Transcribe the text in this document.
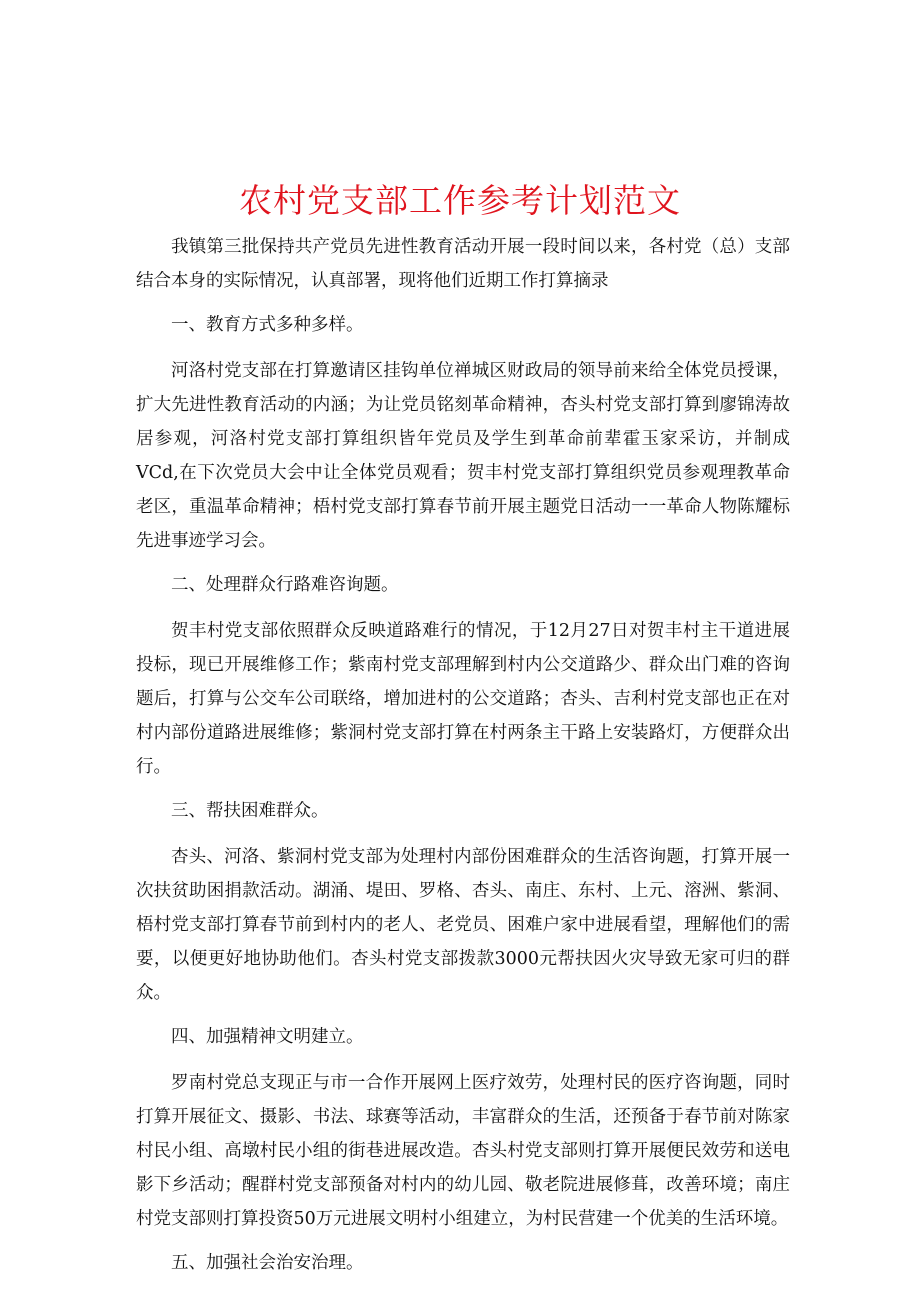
农村党支部工作参考计划范文

我镇第三批保持共产党员先进性教育活动开展一段时间以来，各村党（总）支部结合本身的实际情况，认真部署，现将他们近期工作打算摘录

一、教育方式多种多样。

河洛村党支部在打算邀请区挂钩单位禅城区财政局的领导前来给全体党员授课，扩大先进性教育活动的内涵；为让党员铭刻革命精神，杏头村党支部打算到廖锦涛故居参观，河洛村党支部打算组织皆年党员及学生到革命前辈霍玉家采访，并制成VCd,在下次党员大会中让全体党员观看；贺丰村党支部打算组织党员参观理教革命老区，重温革命精神；梧村党支部打算春节前开展主题党日活动一一革命人物陈耀标先进事迹学习会。

二、处理群众行路难咨询题。

贺丰村党支部依照群众反映道路难行的情况，于12月27日对贺丰村主干道进展投标，现已开展维修工作；紫南村党支部理解到村内公交道路少、群众出门难的咨询题后，打算与公交车公司联络，增加进村的公交道路；杏头、吉利村党支部也正在对村内部份道路进展维修；紫洞村党支部打算在村两条主干路上安装路灯，方便群众出行。

三、帮扶困难群众。

杏头、河洛、紫洞村党支部为处理村内部份困难群众的生活咨询题，打算开展一次扶贫助困捐款活动。湖涌、堤田、罗格、杏头、南庄、东村、上元、溶洲、紫洞、梧村党支部打算春节前到村内的老人、老党员、困难户家中进展看望，理解他们的需要，以便更好地协助他们。杏头村党支部拨款3000元帮扶因火灾导致无家可归的群众。

四、加强精神文明建立。

罗南村党总支现正与市一合作开展网上医疗效劳，处理村民的医疗咨询题，同时打算开展征文、摄影、书法、球赛等活动，丰富群众的生活，还预备于春节前对陈家村民小组、高墩村民小组的街巷进展改造。杏头村党支部则打算开展便民效劳和送电影下乡活动；醒群村党支部预备对村内的幼儿园、敬老院进展修葺，改善环境；南庄村党支部则打算投资50万元进展文明村小组建立，为村民营建一个优美的生活环境。

五、加强社会治安治理。
